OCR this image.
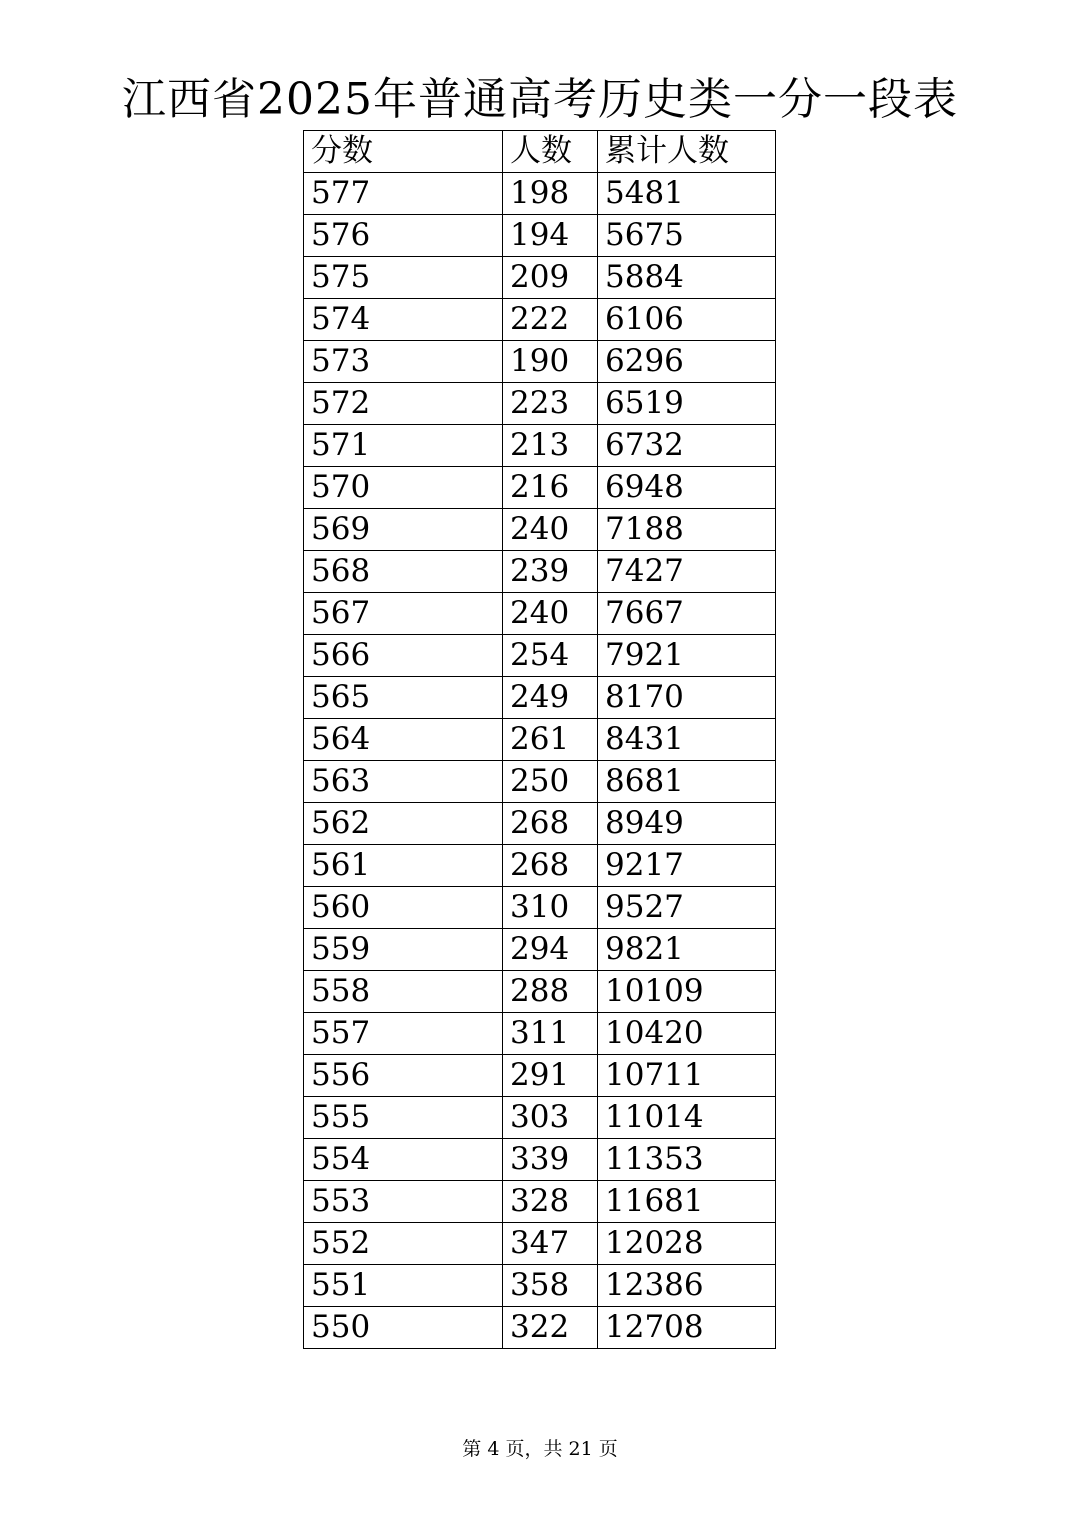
江西省2025年普通高考历史类一分一段表
分数	人数	累计人数
577	198	5481
576	194	5675
575	209	5884
574	222	6106
573	190	6296
572	223	6519
571	213	6732
570	216	6948
569	240	7188
568	239	7427
567	240	7667
566	254	7921
565	249	8170
564	261	8431
563	250	8681
562	268	8949
561	268	9217
560	310	9527
559	294	9821
558	288	10109
557	311	10420
556	291	10711
555	303	11014
554	339	11353
553	328	11681
552	347	12028
551	358	12386
550	322	12708
第 4 页，共 21 页
